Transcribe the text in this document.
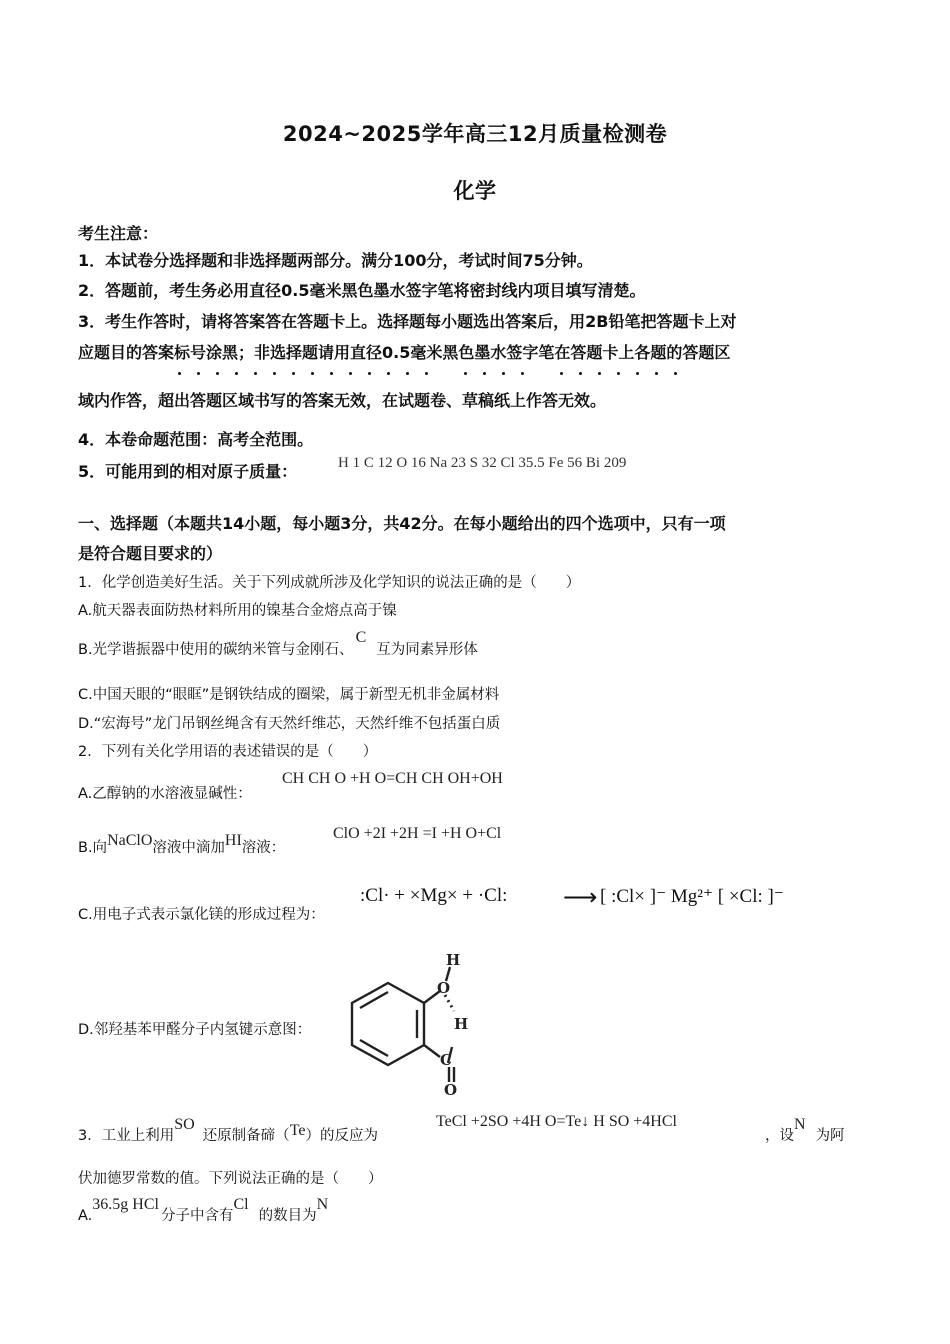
2024~2025学年高三12月质量检测卷
化学
考生注意：
1．本试卷分选择题和非选择题两部分。满分100分，考试时间75分钟。
2．答题前，考生务必用直径0.5毫米黑色墨水签字笔将密封线内项目填写清楚。
3．考生作答时，请将答案答在答题卡上。选择题每小题选出答案后，用2B铅笔把答题卡上对
应题目的答案标号涂黑；非选择题请用直径0.5毫米黑色墨水签字笔在答题卡上各题的答题区
域内作答，超出答题区域书写的答案无效，在试题卷、草稿纸上作答无效。
4．本卷命题范围：高考全范围。
5．可能用到的相对原子质量：	H 1 C 12 O 16 Na 23 S 32 Cl 35.5 Fe 56 Bi 209
一、选择题（本题共14小题，每小题3分，共42分。在每小题给出的四个选项中，只有一项
是符合题目要求的）
1．化学创造美好生活。关于下列成就所涉及化学知识的说法正确的是（　　）
A.航天器表面防热材料所用的镍基合金熔点高于镍
B.光学谐振器中使用的碳纳米管与金刚石、C互为同素异形体
C.中国天眼的“眼眶”是钢铁结成的圈梁，属于新型无机非金属材料
D.“宏海号”龙门吊钢丝绳含有天然纤维芯，天然纤维不包括蛋白质
2．下列有关化学用语的表述错误的是（　　）
A.乙醇钠的水溶液显碱性：
CH CH O +H O=CH CH OH+OH
B.向NaClO溶液中滴加HI溶液：
ClO +2I +2H =I +H O+Cl
C.用电子式表示氯化镁的形成过程为：
:Cl· + ×Mg× + ·Cl: ⟶ [ :Cl× ]⁻ Mg²⁺ [ ×Cl: ]⁻
D.邻羟基苯甲醛分子内氢键示意图：
H
O
H
C
O
3．工业上利用SO还原制备碲（Te）的反应为
TeCl +2SO +4H O=Te↓ H SO +4HCl
，设N为阿
伏加德罗常数的值。下列说法正确的是（　　）
A.36.5g HCl分子中含有Cl的数目为N
